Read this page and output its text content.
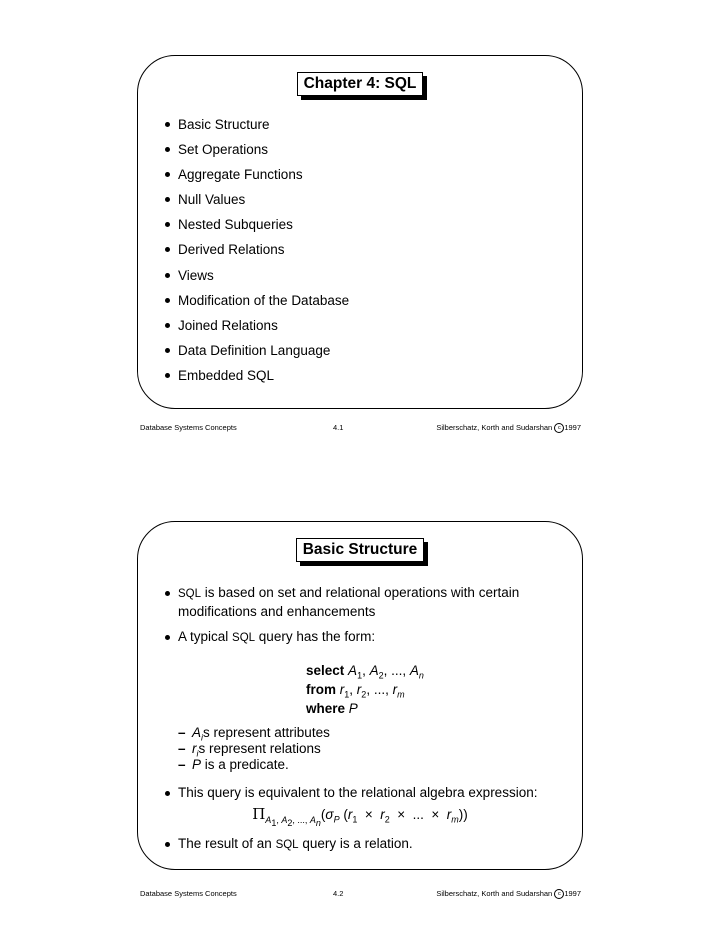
Chapter 4: SQL
Basic Structure
Set Operations
Aggregate Functions
Null Values
Nested Subqueries
Derived Relations
Views
Modification of the Database
Joined Relations
Data Definition Language
Embedded SQL
Database Systems Concepts	4.1	Silberschatz, Korth and Sudarshan c 1997
Basic Structure
SQL is based on set and relational operations with certain
modifications and enhancements
A typical SQL query has the form:
select $A_1$, $A_2$, ..., $A_n$
from $r_1$, $r_2$, ..., $r_m$
where P
– $A_is$ represent attributes
– $r_is$ represent relations
– P is a predicate.
This query is equivalent to the relational algebra expression:
$\Pi_{A_1, A_2, ..., A_n}(\sigma_P$ ($r_1 \times r_2$  ×  ...  ×  $r_m$))
The result of an SQL query is a relation.
Database Systems Concepts	4.2	Silberschatz, Korth and Sudarshan c 1997
